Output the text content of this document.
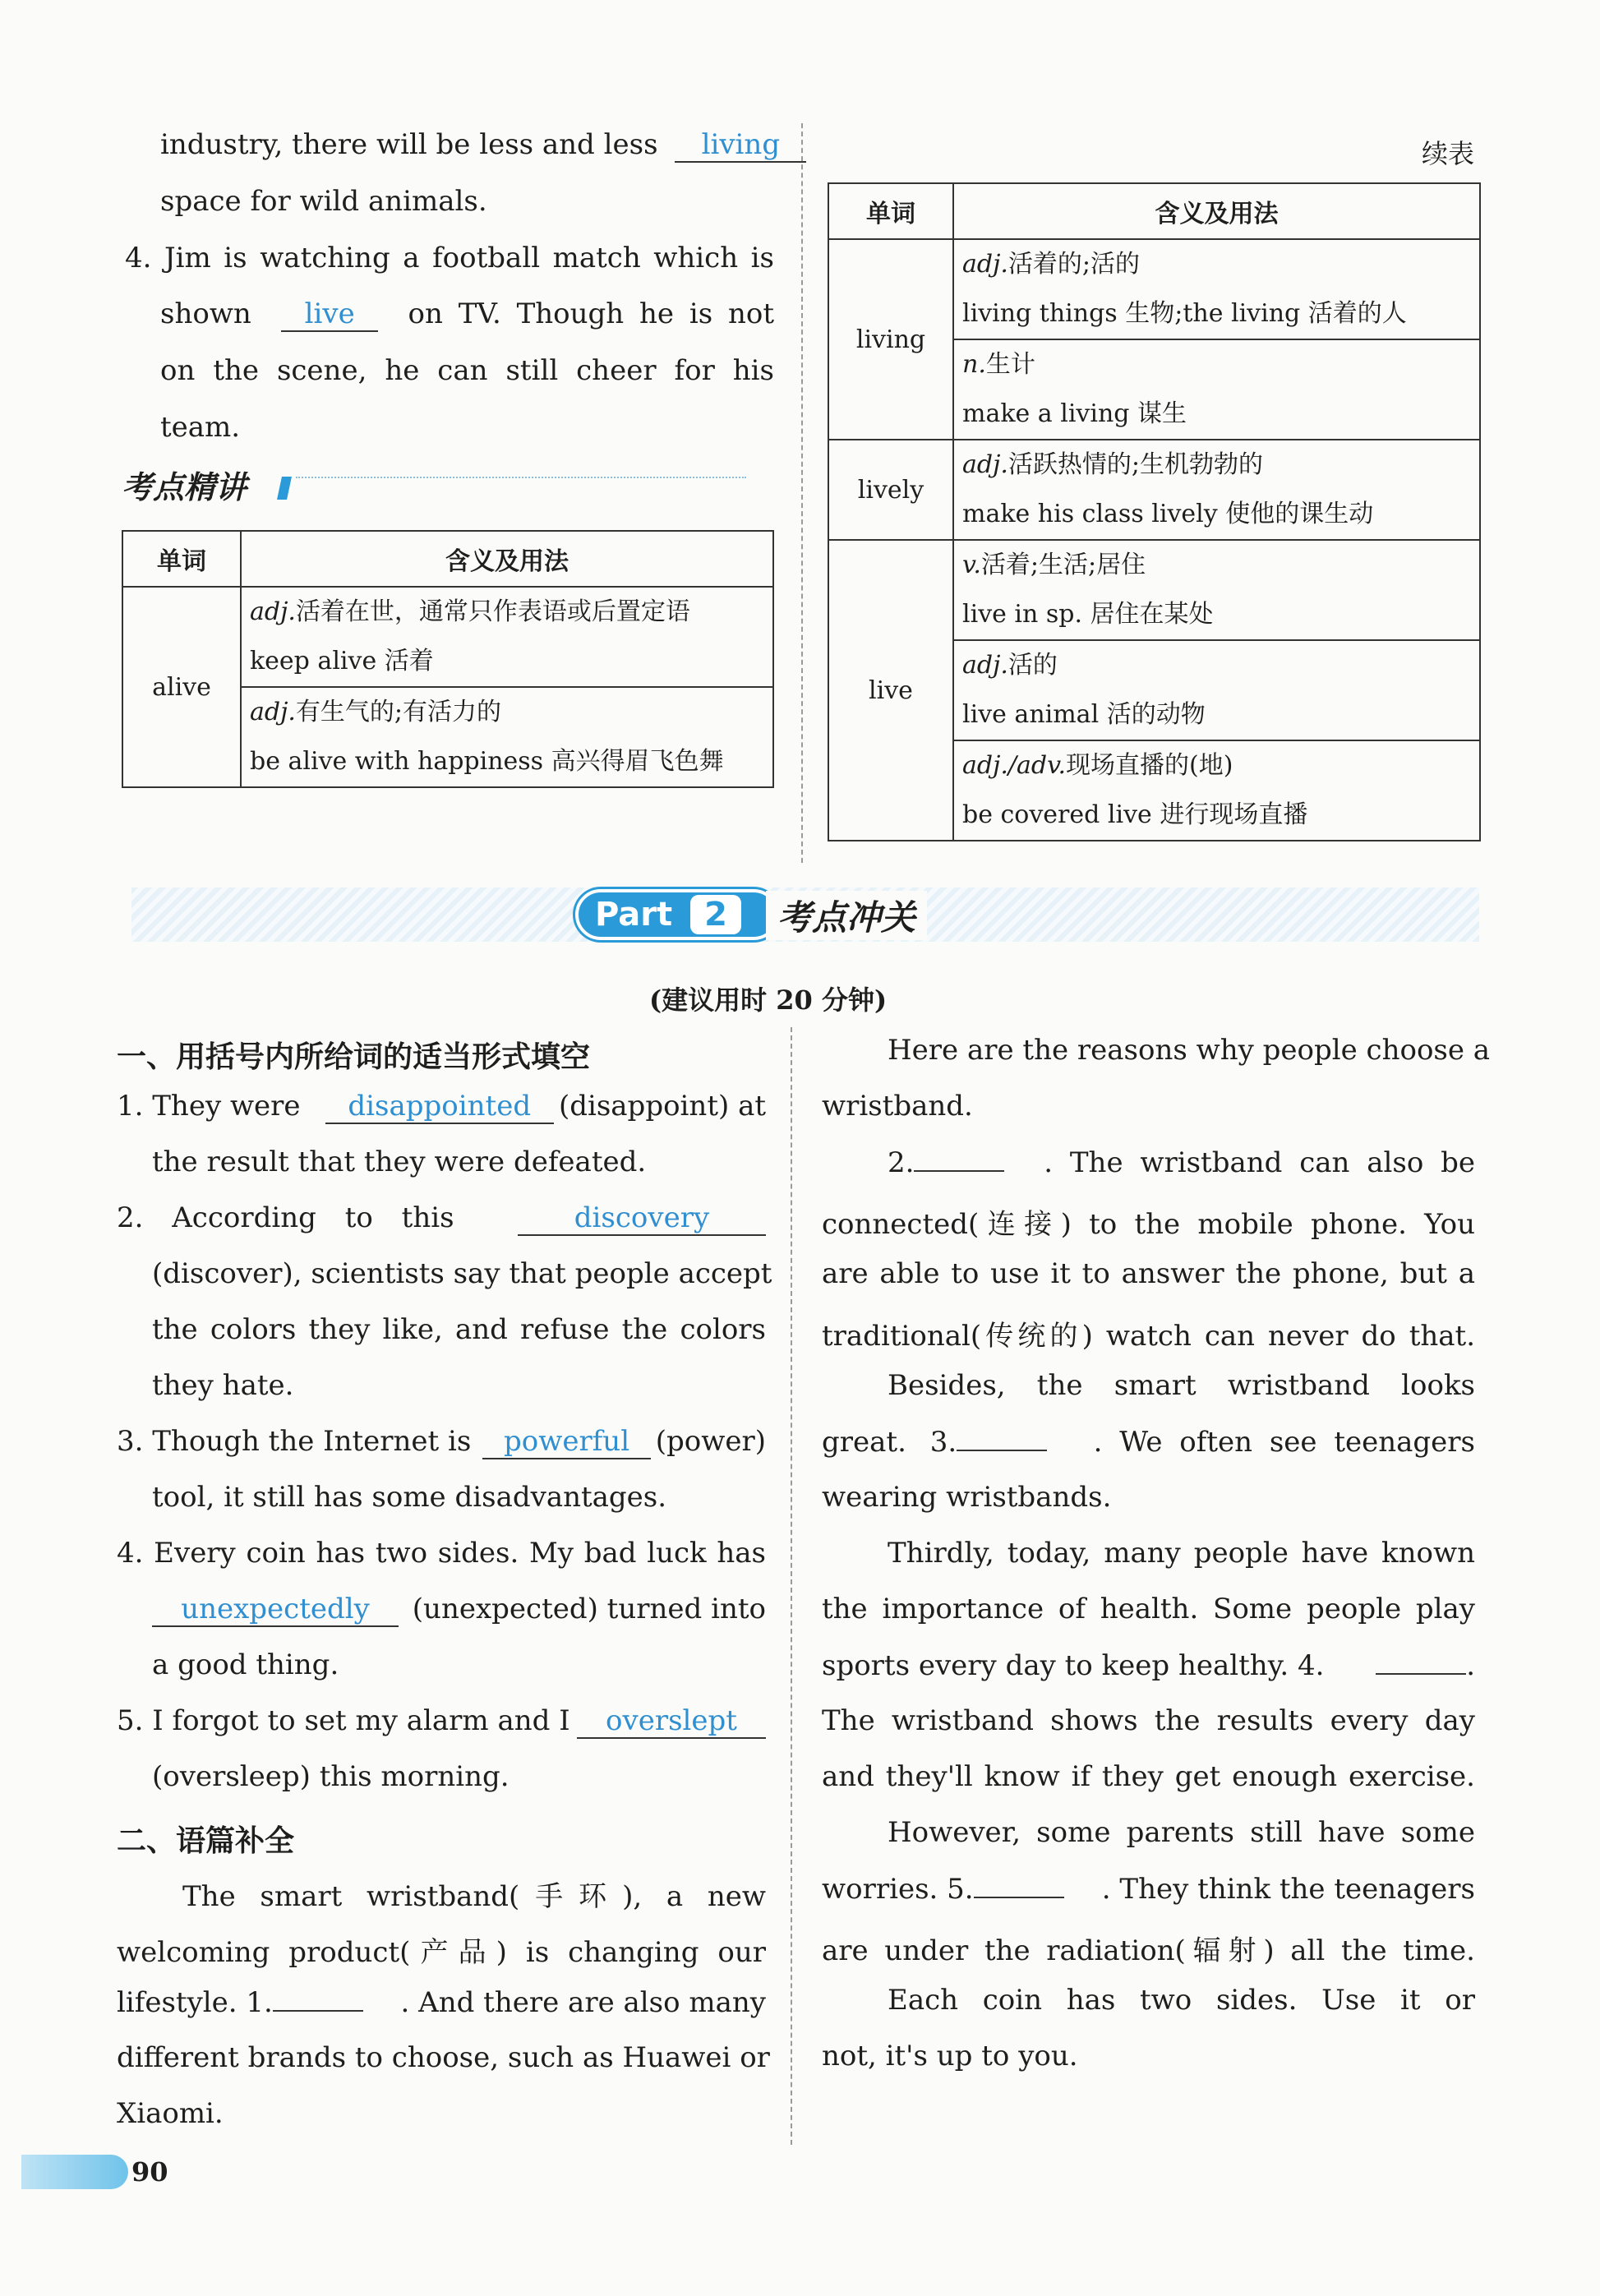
industry, there will be less and less living
space for wild animals.
4. Jim is watching a football match which is
shown	live	on TV. Though he is not
on the scene, he can still cheer for his
team.
考点精讲
单词	含义及用法
alive	adj.活着在世，通常只作表语或后置定语
keep alive 活着

	adj.有生气的;有活力的
be alive with happiness 高兴得眉飞色舞
续表
单词	含义及用法
living	adj.活着的;活的
living things 生物;the living 活着的人

	n.生计
make a living 谋生

lively	adj.活跃热情的;生机勃勃的
make his class lively 使他的课生动

live	v.活着;生活;居住
live in sp. 居住在某处

	adj.活的
live animal 活的动物

	adj./adv.现场直播的(地)
be covered live 进行现场直播
Part 2	考点冲关
(建议用时 20 分钟)
一、用括号内所给词的适当形式填空
1. They were	disappointed (disappoint) at
the result that they were defeated.
2. According to this	discovery
(discover), scientists say that people accept
the colors they like, and refuse the colors
they hate.
3. Though the Internet is	powerful (power)
tool, it still has some disadvantages.
4. Every coin has two sides. My bad luck has
unexpectedly	(unexpected) turned into
a good thing.
5. I forgot to set my alarm and I	overslept
(oversleep) this morning.
二、语篇补全
The smart wristband(手环), a new
welcoming product(产品) is changing our
lifestyle. 1.	. And there are also many
different brands to choose, such as Huawei or
Xiaomi.
Here are the reasons why people choose a
wristband.
2.	. The wristband can also be
connected(连接) to the mobile phone. You
are able to use it to answer the phone, but a
traditional(传统的) watch can never do that.
Besides, the smart wristband looks
great. 3.	. We often see teenagers
wearing wristbands.
Thirdly, today, many people have known
the importance of health. Some people play
sports every day to keep healthy. 4.	.
The wristband shows the results every day
and they'll know if they get enough exercise.
However, some parents still have some
worries. 5.	. They think the teenagers
are under the radiation(辐射) all the time.
Each coin has two sides. Use it or
not, it's up to you.
90
